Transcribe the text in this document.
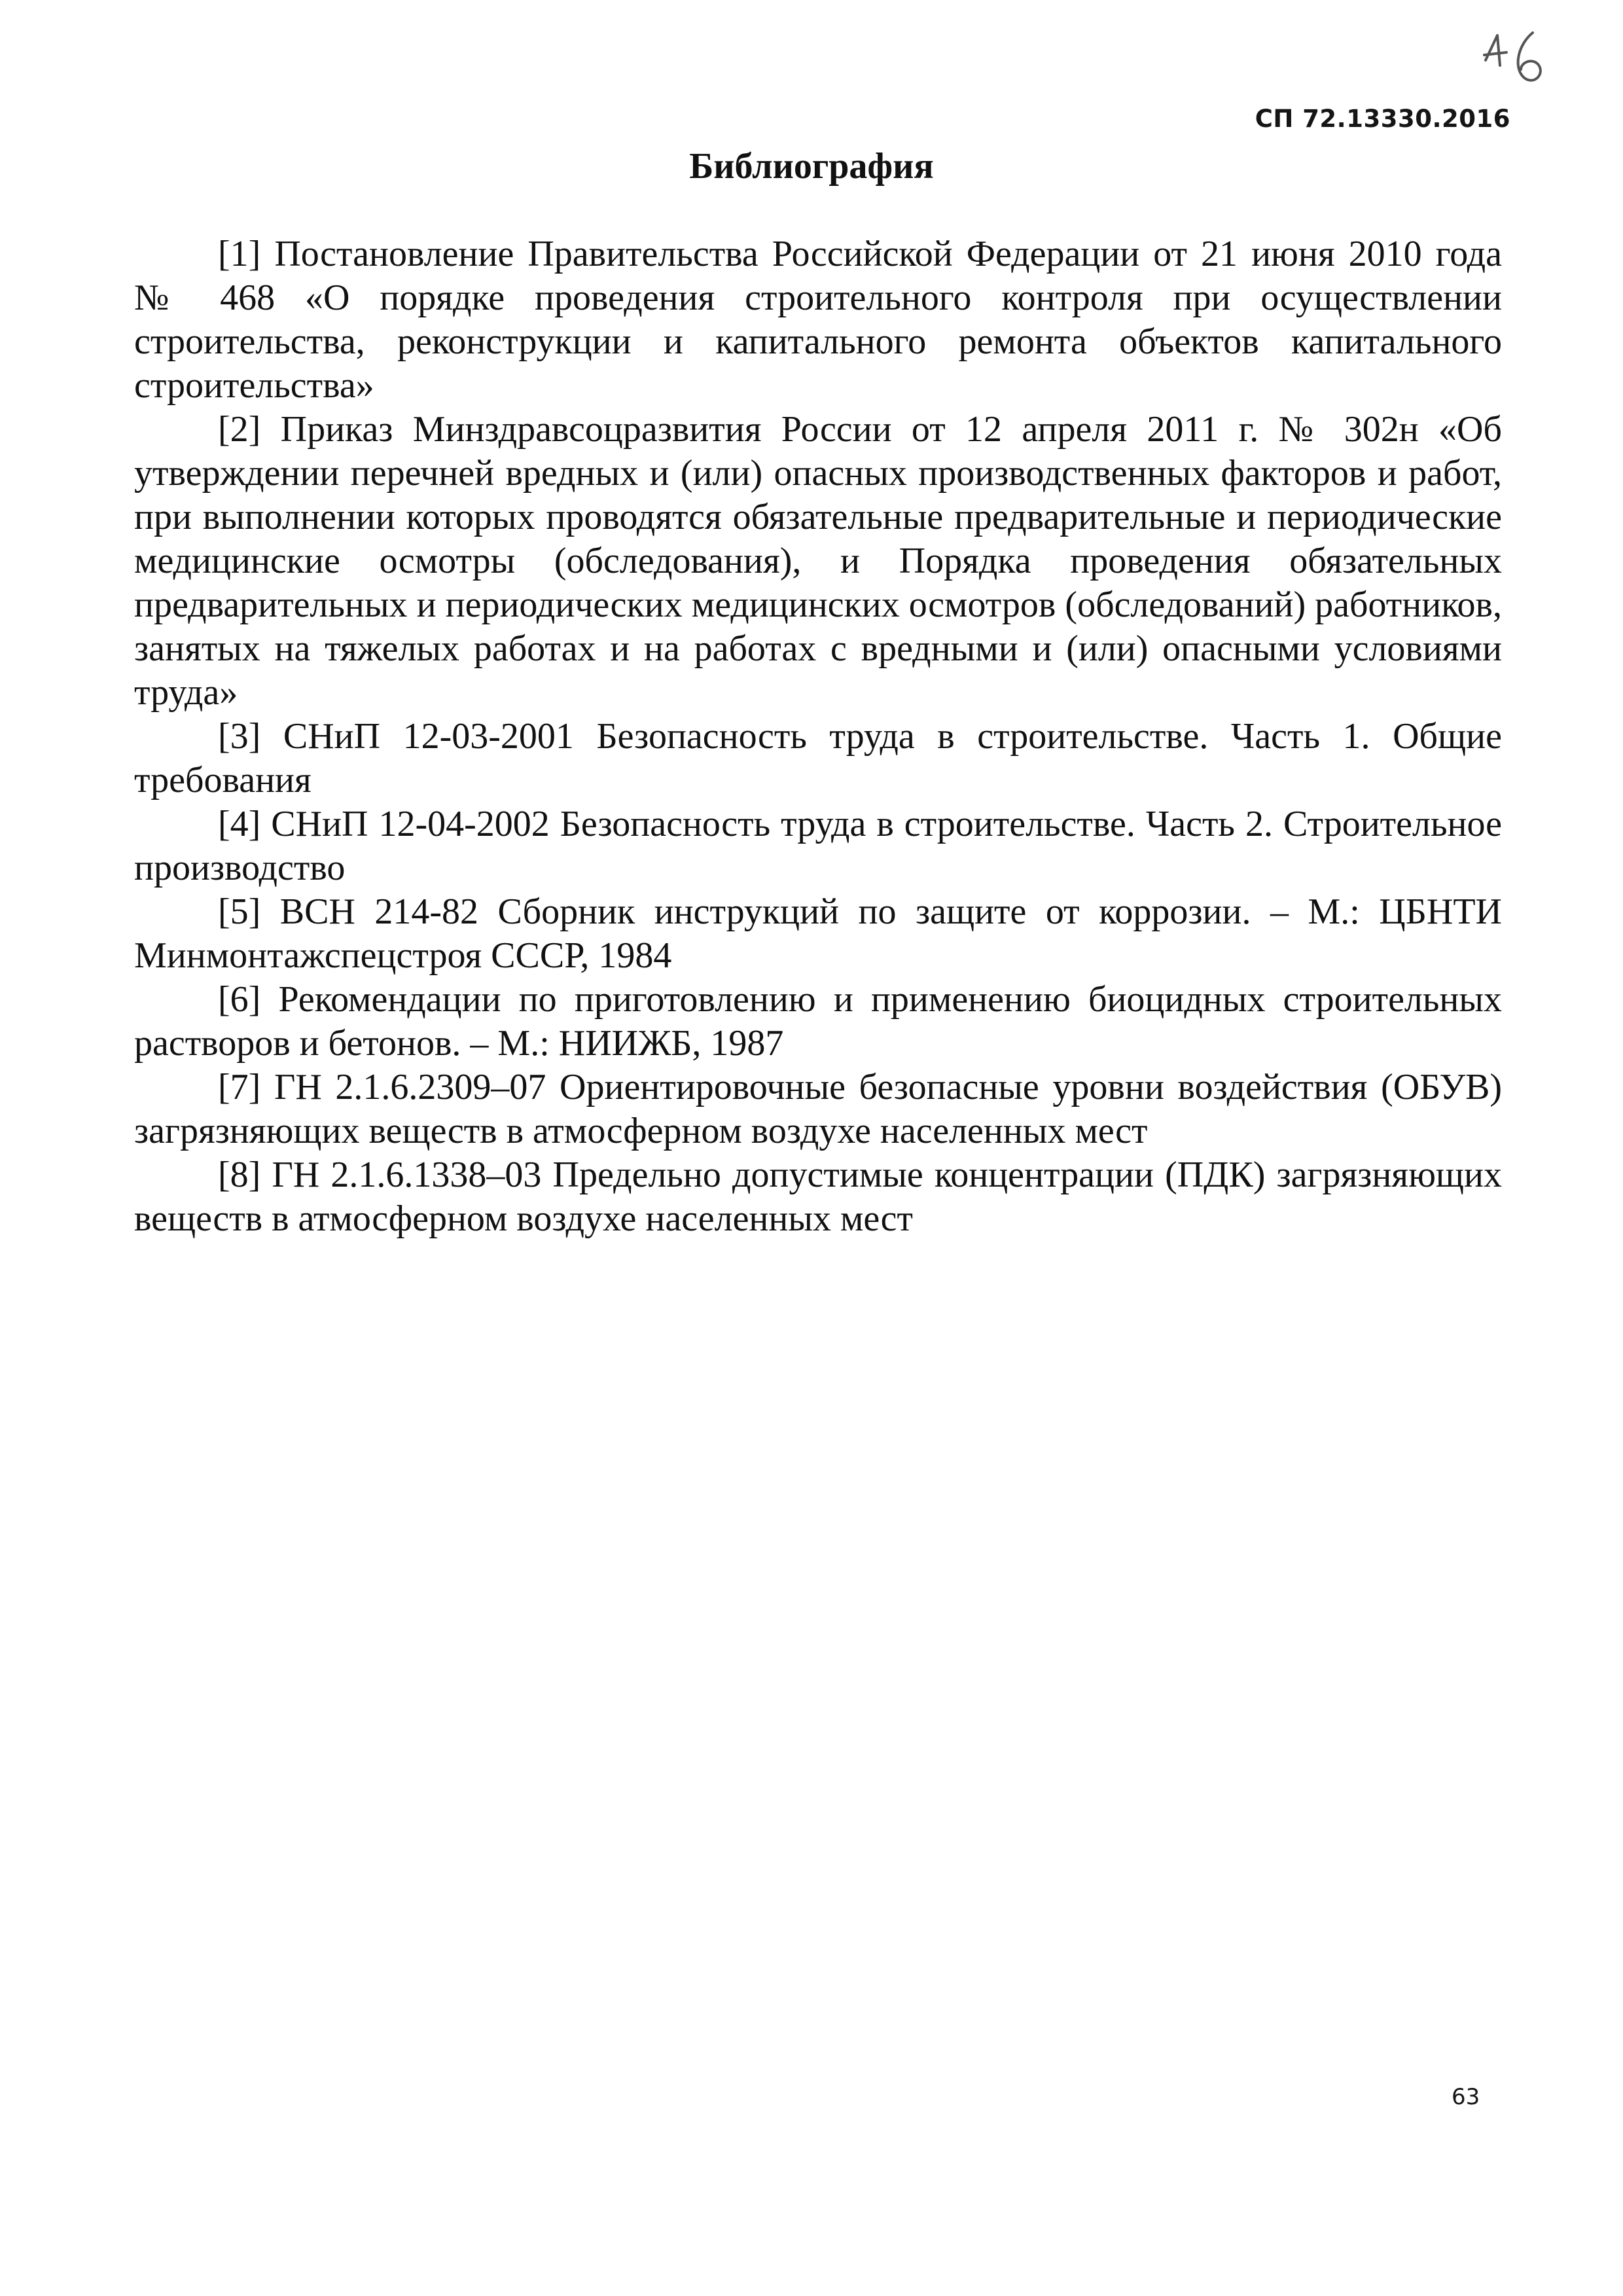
СП 72.13330.2016
Библиография

[1] Постановление Правительства Российской Федерации от 21 июня 2010 года № 468 «О порядке проведения строительного контроля при осуществлении строительства, реконструкции и капитального ремонта объектов капитального строительства»

[2] Приказ Минздравсоцразвития России от 12 апреля 2011 г. № 302н «Об утверждении перечней вредных и (или) опасных производственных факторов и работ, при выполнении которых проводятся обязательные предварительные и периодические медицинские осмотры (обследования), и Порядка проведения обязательных предварительных и периодических медицинских осмотров (обследований) работников, занятых на тяжелых работах и на работах с вредными и (или) опасными условиями труда»

[3] СНиП 12-03-2001 Безопасность труда в строительстве. Часть 1. Общие требования

[4] СНиП 12-04-2002 Безопасность труда в строительстве. Часть 2. Строительное производство

[5] ВСН 214-82 Сборник инструкций по защите от коррозии. – М.: ЦБНТИ Минмонтажспецстроя СССР, 1984

[6] Рекомендации по приготовлению и применению биоцидных строительных растворов и бетонов. – М.: НИИЖБ, 1987

[7] ГН 2.1.6.2309–07 Ориентировочные безопасные уровни воздействия (ОБУВ) загрязняющих веществ в атмосферном воздухе населенных мест

[8] ГН 2.1.6.1338–03 Предельно допустимые концентрации (ПДК) загрязняющих веществ в атмосферном воздухе населенных мест

63
